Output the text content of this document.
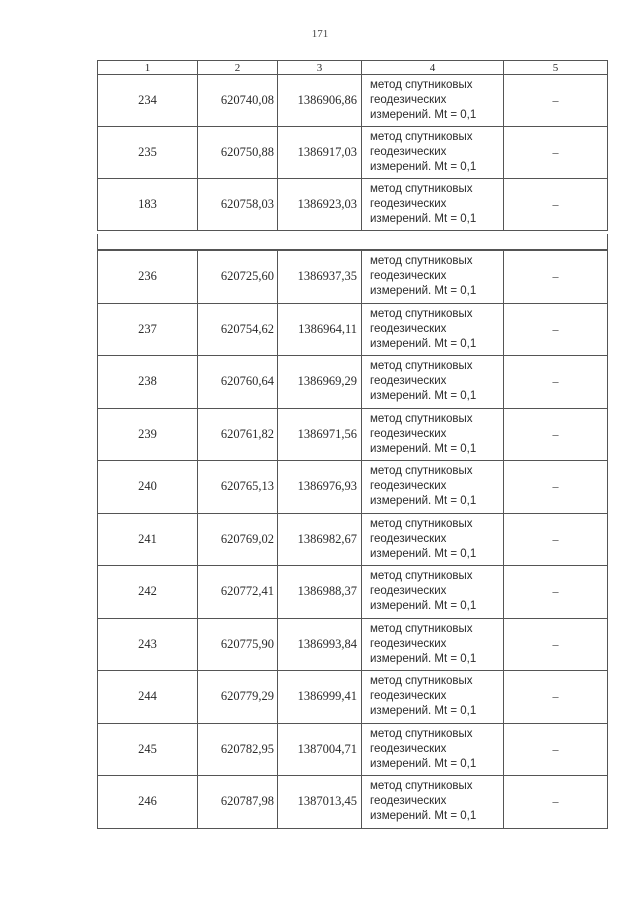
171
1	2	3	4	5
234	620740,08	1386906,86	метод спутниковых
геодезических
измерений. Mt = 0,1	–
235	620750,88	1386917,03	метод спутниковых
геодезических
измерений. Mt = 0,1	–
183	620758,03	1386923,03	метод спутниковых
геодезических
измерений. Mt = 0,1	–
236	620725,60	1386937,35	метод спутниковых
геодезических
измерений. Mt = 0,1	–
237	620754,62	1386964,11	метод спутниковых
геодезических
измерений. Mt = 0,1	–
238	620760,64	1386969,29	метод спутниковых
геодезических
измерений. Mt = 0,1	–
239	620761,82	1386971,56	метод спутниковых
геодезических
измерений. Mt = 0,1	–
240	620765,13	1386976,93	метод спутниковых
геодезических
измерений. Mt = 0,1	–
241	620769,02	1386982,67	метод спутниковых
геодезических
измерений. Mt = 0,1	–
242	620772,41	1386988,37	метод спутниковых
геодезических
измерений. Mt = 0,1	–
243	620775,90	1386993,84	метод спутниковых
геодезических
измерений. Mt = 0,1	–
244	620779,29	1386999,41	метод спутниковых
геодезических
измерений. Mt = 0,1	–
245	620782,95	1387004,71	метод спутниковых
геодезических
измерений. Mt = 0,1	–
246	620787,98	1387013,45	метод спутниковых
геодезических
измерений. Mt = 0,1	–
